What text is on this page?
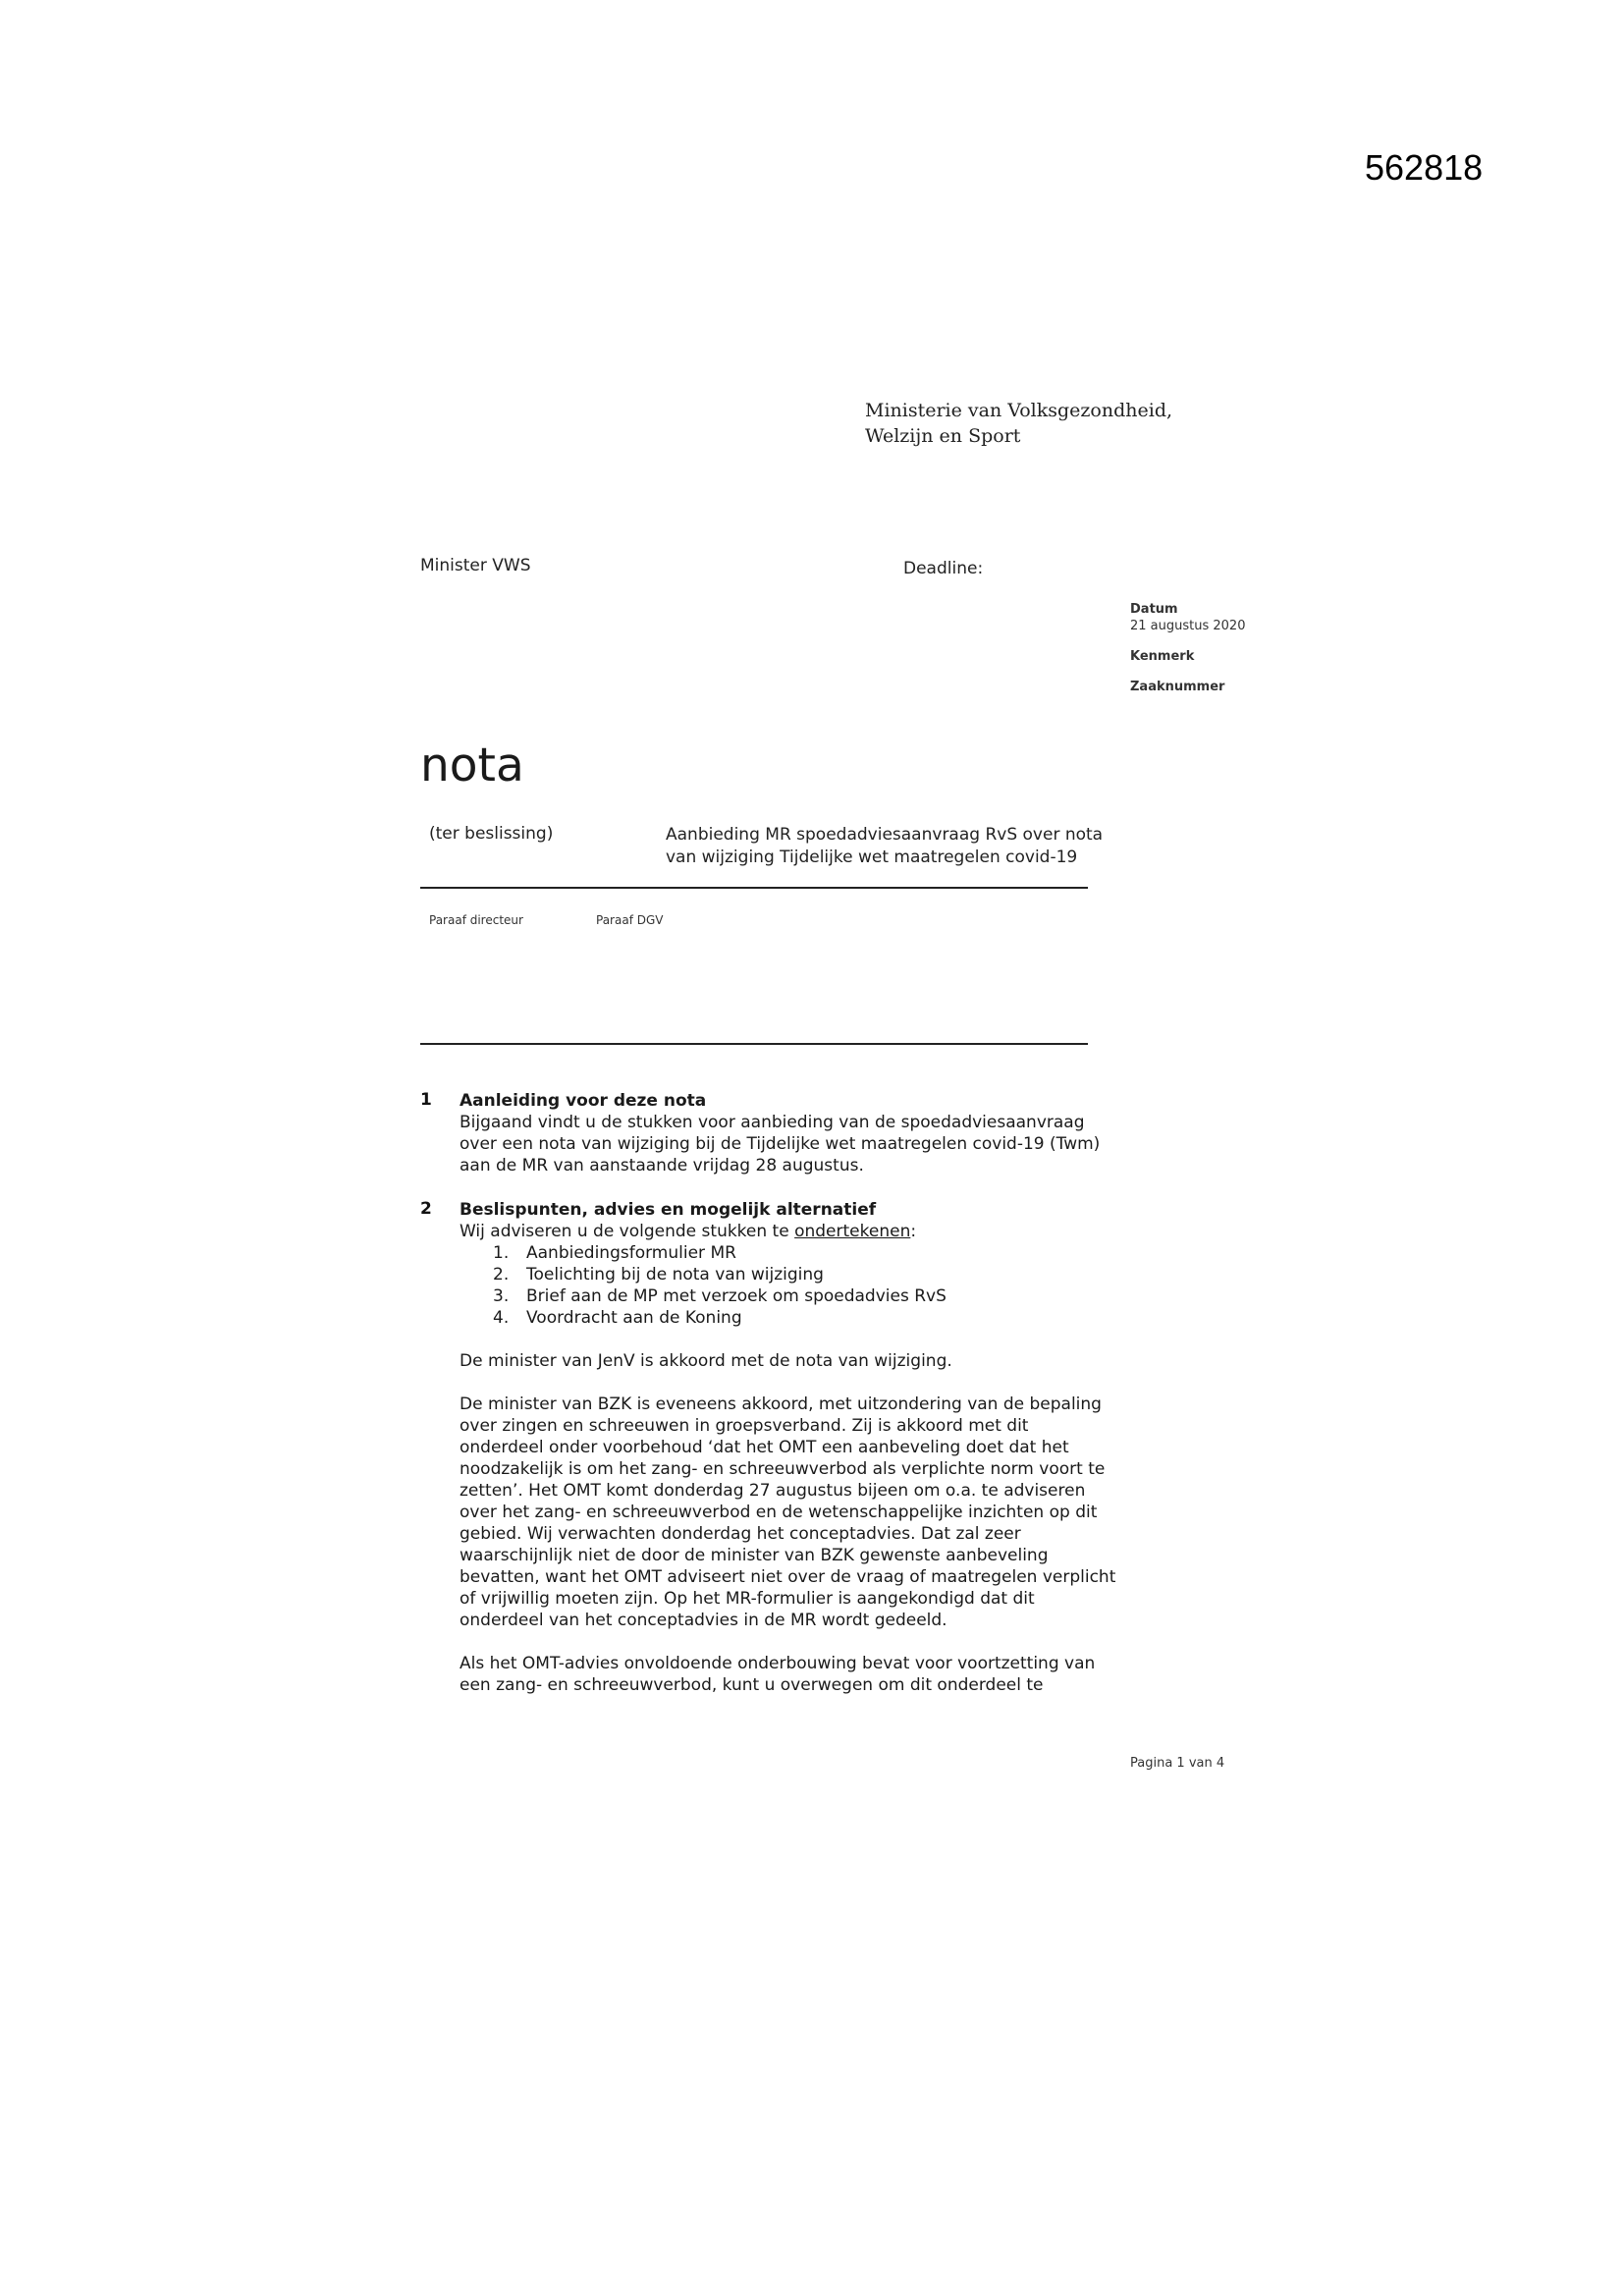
562818
Ministerie van Volksgezondheid,
Welzijn en Sport
Minister VWS	Deadline:
Datum
21 augustus 2020
Kenmerk
Zaaknummer
nota
(ter beslissing)	Aanbieding MR spoedadviesaanvraag RvS over nota
van wijziging Tijdelijke wet maatregelen covid-19
Paraaf directeur	Paraaf DGV
1 Aanleiding voor deze nota
Bijgaand vindt u de stukken voor aanbieding van de spoedadviesaanvraag
over een nota van wijziging bij de Tijdelijke wet maatregelen covid-19 (Twm)
aan de MR van aanstaande vrijdag 28 augustus.
2 Beslispunten, advies en mogelijk alternatief
Wij adviseren u de volgende stukken te ondertekenen:
1. Aanbiedingsformulier MR
2. Toelichting bij de nota van wijziging
3. Brief aan de MP met verzoek om spoedadvies RvS
4. Voordracht aan de Koning
De minister van JenV is akkoord met de nota van wijziging.
De minister van BZK is eveneens akkoord, met uitzondering van de bepaling
over zingen en schreeuwen in groepsverband. Zij is akkoord met dit
onderdeel onder voorbehoud ‘dat het OMT een aanbeveling doet dat het
noodzakelijk is om het zang- en schreeuwverbod als verplichte norm voort te
zetten’. Het OMT komt donderdag 27 augustus bijeen om o.a. te adviseren
over het zang- en schreeuwverbod en de wetenschappelijke inzichten op dit
gebied. Wij verwachten donderdag het conceptadvies. Dat zal zeer
waarschijnlijk niet de door de minister van BZK gewenste aanbeveling
bevatten, want het OMT adviseert niet over de vraag of maatregelen verplicht
of vrijwillig moeten zijn. Op het MR-formulier is aangekondigd dat dit
onderdeel van het conceptadvies in de MR wordt gedeeld.
Als het OMT-advies onvoldoende onderbouwing bevat voor voortzetting van
een zang- en schreeuwverbod, kunt u overwegen om dit onderdeel te
Pagina 1 van 4
